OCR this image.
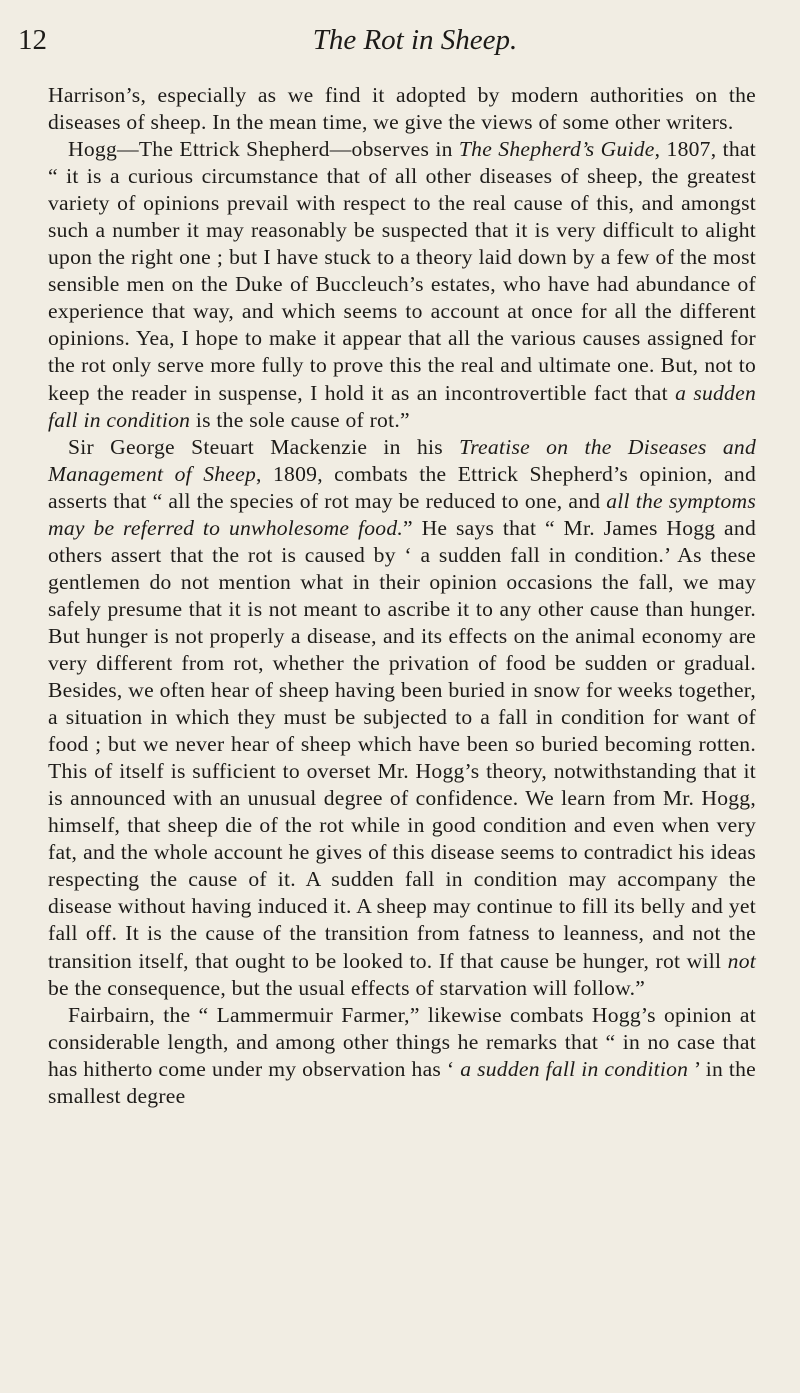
12	The Rot in Sheep.

Harrison’s, especially as we find it adopted by modern authorities on the diseases of sheep. In the mean time, we give the views of some other writers.

Hogg—The Ettrick Shepherd—observes in The Shepherd’s Guide, 1807, that “ it is a curious circumstance that of all other diseases of sheep, the greatest variety of opinions prevail with respect to the real cause of this, and amongst such a number it may reasonably be suspected that it is very difficult to alight upon the right one ; but I have stuck to a theory laid down by a few of the most sensible men on the Duke of Buccleuch’s estates, who have had abundance of experience that way, and which seems to account at once for all the different opinions. Yea, I hope to make it appear that all the various causes assigned for the rot only serve more fully to prove this the real and ultimate one. But, not to keep the reader in suspense, I hold it as an incontrovertible fact that a sudden fall in condition is the sole cause of rot.”

Sir George Steuart Mackenzie in his Treatise on the Diseases and Management of Sheep, 1809, combats the Ettrick Shepherd’s opinion, and asserts that “ all the species of rot may be reduced to one, and all the symptoms may be referred to unwholesome food.” He says that “ Mr. James Hogg and others assert that the rot is caused by ‘ a sudden fall in condition.’ As these gentlemen do not mention what in their opinion occasions the fall, we may safely presume that it is not meant to ascribe it to any other cause than hunger. But hunger is not properly a disease, and its effects on the animal economy are very different from rot, whether the privation of food be sudden or gradual. Besides, we often hear of sheep having been buried in snow for weeks together, a situation in which they must be subjected to a fall in condition for want of food ; but we never hear of sheep which have been so buried becoming rotten. This of itself is sufficient to overset Mr. Hogg’s theory, notwithstanding that it is announced with an unusual degree of confidence. We learn from Mr. Hogg, himself, that sheep die of the rot while in good condition and even when very fat, and the whole account he gives of this disease seems to contradict his ideas respecting the cause of it. A sudden fall in condition may accompany the disease without having induced it. A sheep may continue to fill its belly and yet fall off. It is the cause of the transition from fatness to leanness, and not the transition itself, that ought to be looked to. If that cause be hunger, rot will not be the consequence, but the usual effects of starvation will follow.”

Fairbairn, the “ Lammermuir Farmer,” likewise combats Hogg’s opinion at considerable length, and among other things he remarks that “ in no case that has hitherto come under my observation has ‘ a sudden fall in condition ’ in the smallest degree
